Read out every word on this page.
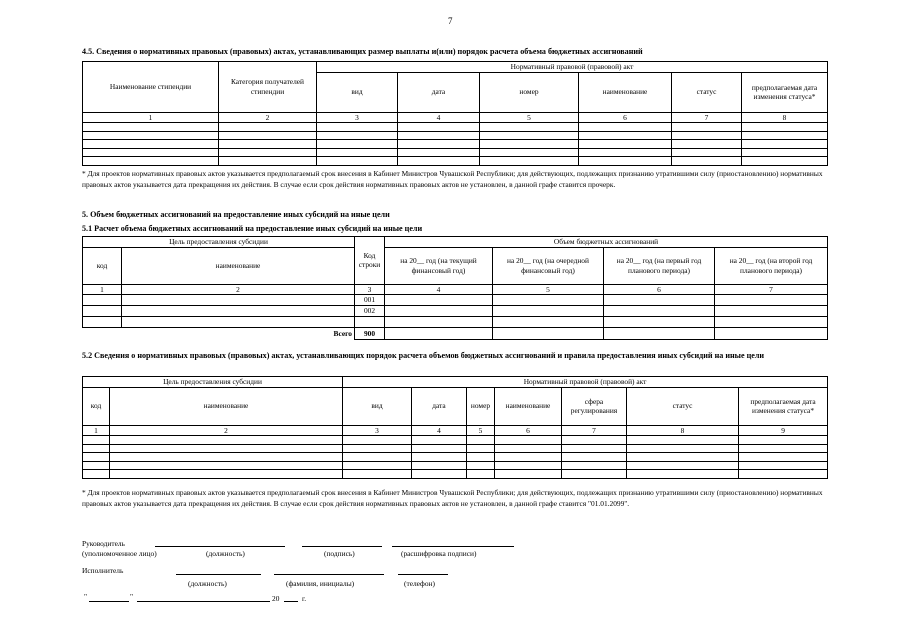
7
4.5. Сведения о нормативных правовых (правовых) актах, устанавливающих размер выплаты и(или) порядок расчета объема бюджетных ассигнований
Наименование стипендии	Категория получателей стипендии	Нормативный правовой (правовой) акт					
		вид	дата	номер	наименование	статус	предполагаемая дата изменения статуса*
1	2	3	4	5	6	7	8

* Для проектов нормативных правовых актов указывается предполагаемый срок внесения в Кабинет Министров Чувашской Республики; для действующих, подлежащих признанию утратившими силу (приостановлению) нормативных правовых актов указывается дата прекращения их действия. В случае если срок действия нормативных правовых актов не установлен, в данной графе ставится прочерк.
5. Объем бюджетных ассигнований на предоставление иных субсидий на иные цели
5.1 Расчет объема бюджетных ассигнований на предоставление иных субсидий на иные цели
Цель предоставления субсидии		Код строки	Объем бюджетных ассигнований			
код	наименование		на 20__ год (на текущий финансовый год)	на 20__ год (на очередной финансовый год)	на 20__ год (на первый год планового периода)	на 20__ год (на второй год планового периода)
1	2	3	4	5	6	7
		001				
		002				

Всего		900				
5.2 Сведения о нормативных правовых (правовых) актах, устанавливающих порядок расчета объемов бюджетных ассигнований и правила предоставления иных субсидий на иные цели
Цель предоставления субсидии		Нормативный правовой (правовой) акт						
код	наименование	вид	дата	номер	наименование	сфера регулирования	статус	предполагаемая дата изменения статуса*
1	2	3	4	5	6	7	8	9

* Для проектов нормативных правовых актов указывается предполагаемый срок внесения в Кабинет Министров Чувашской Республики; для действующих, подлежащих признанию утратившими силу (приостановлению) нормативных правовых актов указывается дата прекращения их действия. В случае если срок действия нормативных правовых актов не установлен, в данной графе ставится "01.01.2099".
Руководитель
(уполномоченное лицо)	(должность)	(подпись)	(расшифровка подписи)
Исполнитель
(должность)	(фамилия, инициалы)	(телефон)
"	"	20	г.
